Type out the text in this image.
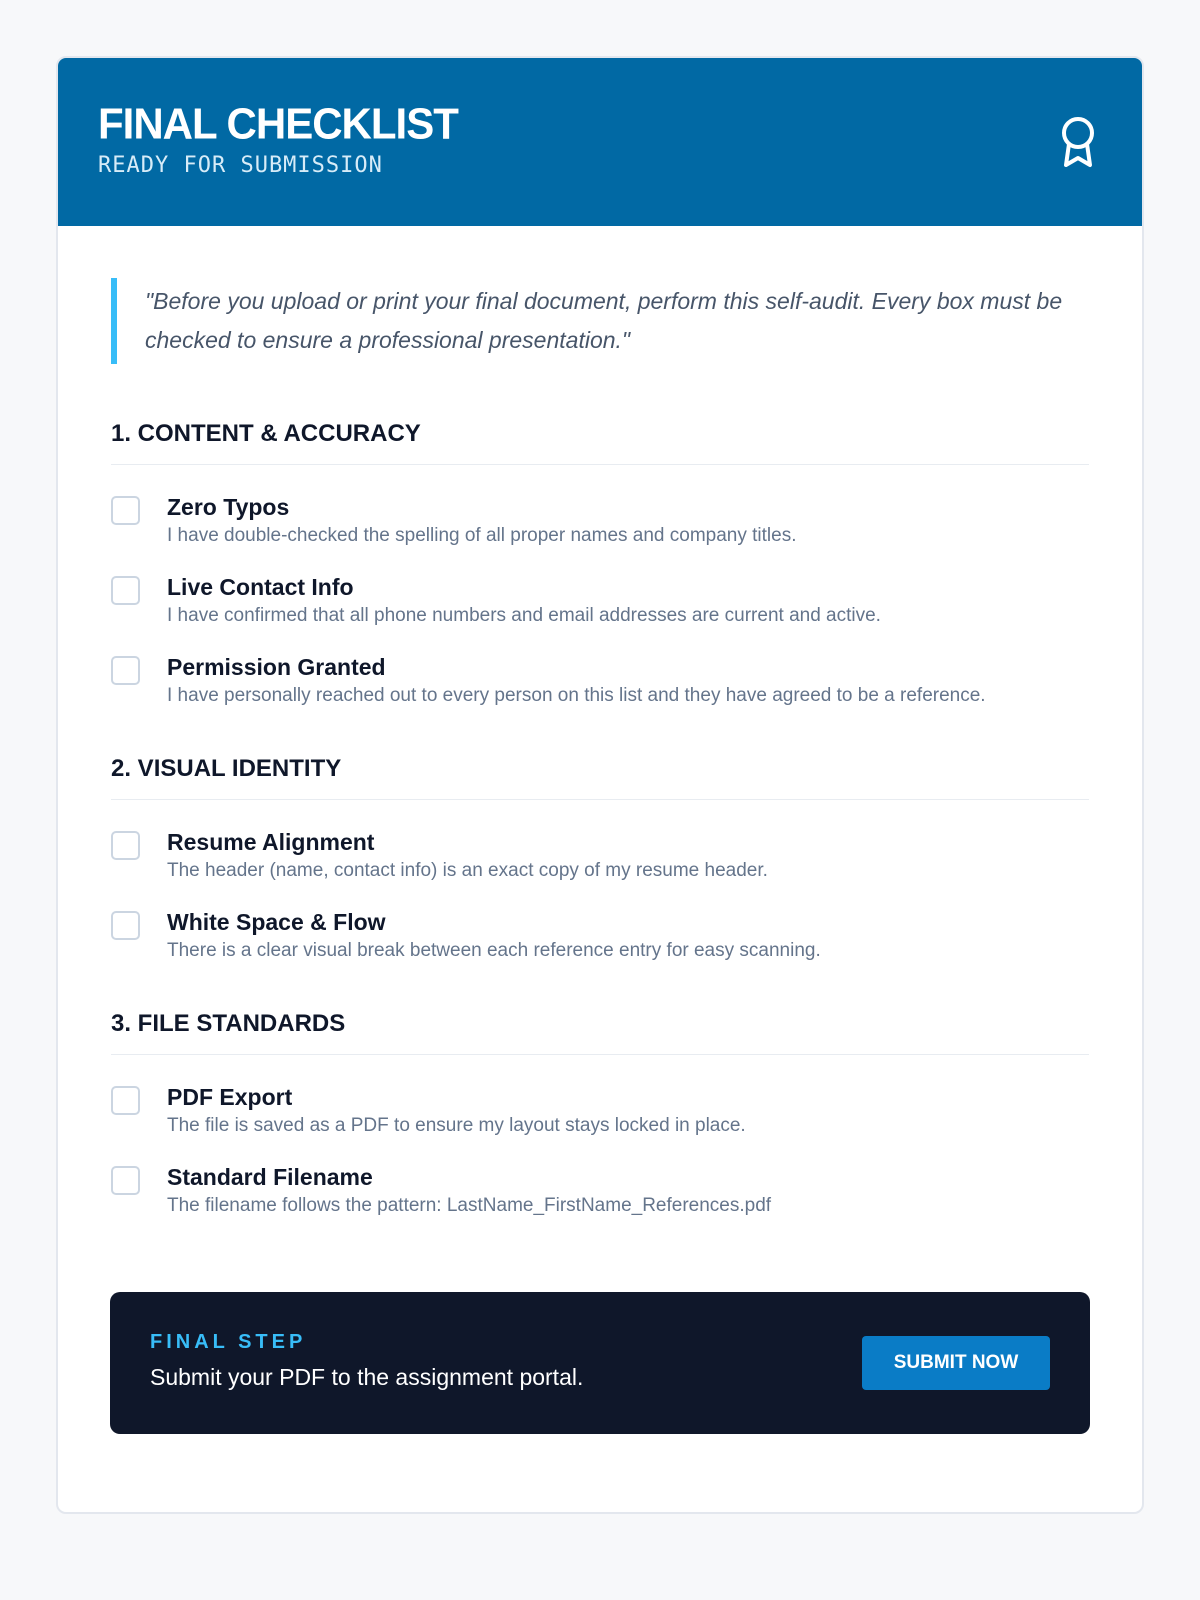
FINAL CHECKLIST
READY FOR SUBMISSION
"Before you upload or print your final document, perform this self-audit. Every box must be checked to ensure a professional presentation."
1. CONTENT & ACCURACY
Zero Typos
I have double-checked the spelling of all proper names and company titles.
Live Contact Info
I have confirmed that all phone numbers and email addresses are current and active.
Permission Granted
I have personally reached out to every person on this list and they have agreed to be a reference.
2. VISUAL IDENTITY
Resume Alignment
The header (name, contact info) is an exact copy of my resume header.
White Space & Flow
There is a clear visual break between each reference entry for easy scanning.
3. FILE STANDARDS
PDF Export
The file is saved as a PDF to ensure my layout stays locked in place.
Standard Filename
The filename follows the pattern: LastName_FirstName_References.pdf
FINAL STEP
Submit your PDF to the assignment portal.
SUBMIT NOW
